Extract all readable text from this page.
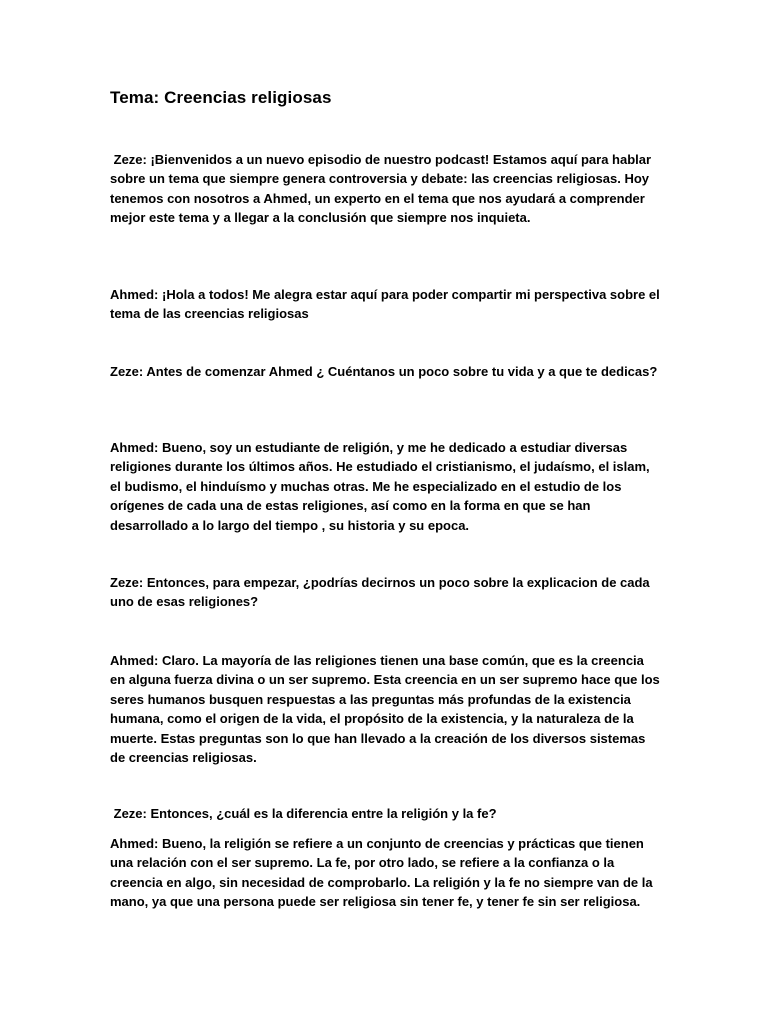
Tema: Creencias religiosas

Zeze: ¡Bienvenidos a un nuevo episodio de nuestro podcast! Estamos aquí para hablar sobre un tema que siempre genera controversia y debate: las creencias religiosas. Hoy tenemos con nosotros a Ahmed, un experto en el tema que nos ayudará a comprender mejor este tema y a llegar a la conclusión que siempre nos inquieta.

Ahmed: ¡Hola a todos! Me alegra estar aquí para poder compartir mi perspectiva sobre el tema de las creencias religiosas

Zeze: Antes de comenzar Ahmed ¿ Cuéntanos un poco sobre tu vida y a que te dedicas?

Ahmed: Bueno, soy un estudiante de religión, y me he dedicado a estudiar diversas religiones durante los últimos años. He estudiado el cristianismo, el judaísmo, el islam, el budismo, el hinduísmo y muchas otras. Me he especializado en el estudio de los orígenes de cada una de estas religiones, así como en la forma en que se han desarrollado a lo largo del tiempo , su historia y su epoca.

Zeze: Entonces, para empezar, ¿podrías decirnos un poco sobre la explicacion de cada uno de esas religiones?

Ahmed: Claro. La mayoría de las religiones tienen una base común, que es la creencia en alguna fuerza divina o un ser supremo. Esta creencia en un ser supremo hace que los seres humanos busquen respuestas a las preguntas más profundas de la existencia humana, como el origen de la vida, el propósito de la existencia, y la naturaleza de la muerte. Estas preguntas son lo que han llevado a la creación de los diversos sistemas de creencias religiosas.

Zeze: Entonces, ¿cuál es la diferencia entre la religión y la fe?

Ahmed: Bueno, la religión se refiere a un conjunto de creencias y prácticas que tienen una relación con el ser supremo. La fe, por otro lado, se refiere a la confianza o la creencia en algo, sin necesidad de comprobarlo. La religión y la fe no siempre van de la mano, ya que una persona puede ser religiosa sin tener fe, y tener fe sin ser religiosa.
